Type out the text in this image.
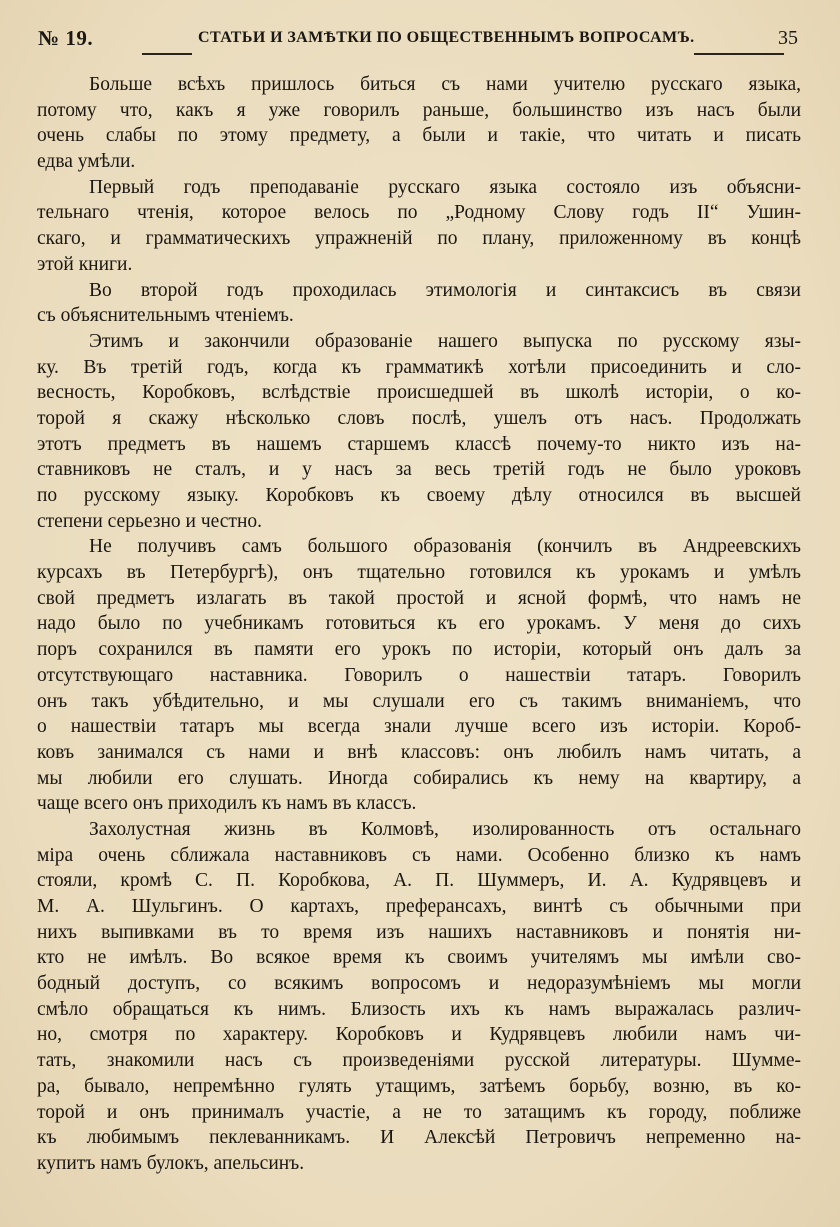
№ 19.	СТАТЬИ И ЗАМѢТКИ ПО ОБЩЕСТВЕННЫМЪ ВОПРОСАМЪ.	35
Больше всѣхъ пришлось биться съ нами учителю русскаго языка,
потому что, какъ я уже говорилъ раньше, большинство изъ насъ были
очень слабы по этому предмету, а были и такіе, что читать и писать
едва умѣли.
Первый годъ преподаваніе русскаго языка состояло изъ объясни-
тельнаго чтенія, которое велось по „Родному Слову годъ II“ Ушин-
скаго, и грамматическихъ упражненій по плану, приложенному въ концѣ
этой книги.
Во второй годъ проходилась этимологія и синтаксисъ въ связи
съ объяснительнымъ чтеніемъ.
Этимъ и закончили образованіе нашего выпуска по русскому язы-
ку. Въ третій годъ, когда къ грамматикѣ хотѣли присоединить и сло-
весность, Коробковъ, вслѣдствіе происшедшей въ школѣ исторіи, о ко-
торой я скажу нѣсколько словъ послѣ, ушелъ отъ насъ. Продолжать
этотъ предметъ въ нашемъ старшемъ классѣ почему-то никто изъ на-
ставниковъ не сталъ, и у насъ за весь третій годъ не было уроковъ
по русскому языку. Коробковъ къ своему дѣлу относился въ высшей
степени серьезно и честно.
Не получивъ самъ большого образованія (кончилъ въ Андреевскихъ
курсахъ въ Петербургѣ), онъ тщательно готовился къ урокамъ и умѣлъ
свой предметъ излагать въ такой простой и ясной формѣ, что намъ не
надо было по учебникамъ готовиться къ его урокамъ. У меня до сихъ
поръ сохранился въ памяти его урокъ по исторіи, который онъ далъ за
отсутствующаго наставника. Говорилъ о нашествіи татаръ. Говорилъ
онъ такъ убѣдительно, и мы слушали его съ такимъ вниманіемъ, что
о нашествіи татаръ мы всегда знали лучше всего изъ исторіи. Короб-
ковъ занимался съ нами и внѣ классовъ: онъ любилъ намъ читать, а
мы любили его слушать. Иногда собирались къ нему на квартиру, а
чаще всего онъ приходилъ къ намъ въ классъ.
Захолустная жизнь въ Колмовѣ, изолированность отъ остальнаго
міра очень сближала наставниковъ съ нами. Особенно близко къ намъ
стояли, кромѣ С. П. Коробкова, А. П. Шуммеръ, И. А. Кудрявцевъ и
М. А. Шульгинъ. О картахъ, преферансахъ, винтѣ съ обычными при
нихъ выпивками въ то время изъ нашихъ наставниковъ и понятія ни-
кто не имѣлъ. Во всякое время къ своимъ учителямъ мы имѣли сво-
бодный доступъ, со всякимъ вопросомъ и недоразумѣніемъ мы могли
смѣло обращаться къ нимъ. Близость ихъ къ намъ выражалась различ-
но, смотря по характеру. Коробковъ и Кудрявцевъ любили намъ чи-
тать, знакомили насъ съ произведеніями русской литературы. Шумме-
ра, бывало, непремѣнно гулять утащимъ, затѣемъ борьбу, возню, въ ко-
торой и онъ принималъ участіе, а не то затащимъ къ городу, поближе
къ любимымъ пеклеванникамъ. И Алексѣй Петровичъ непременно на-
купитъ намъ булокъ, апельсинъ.
